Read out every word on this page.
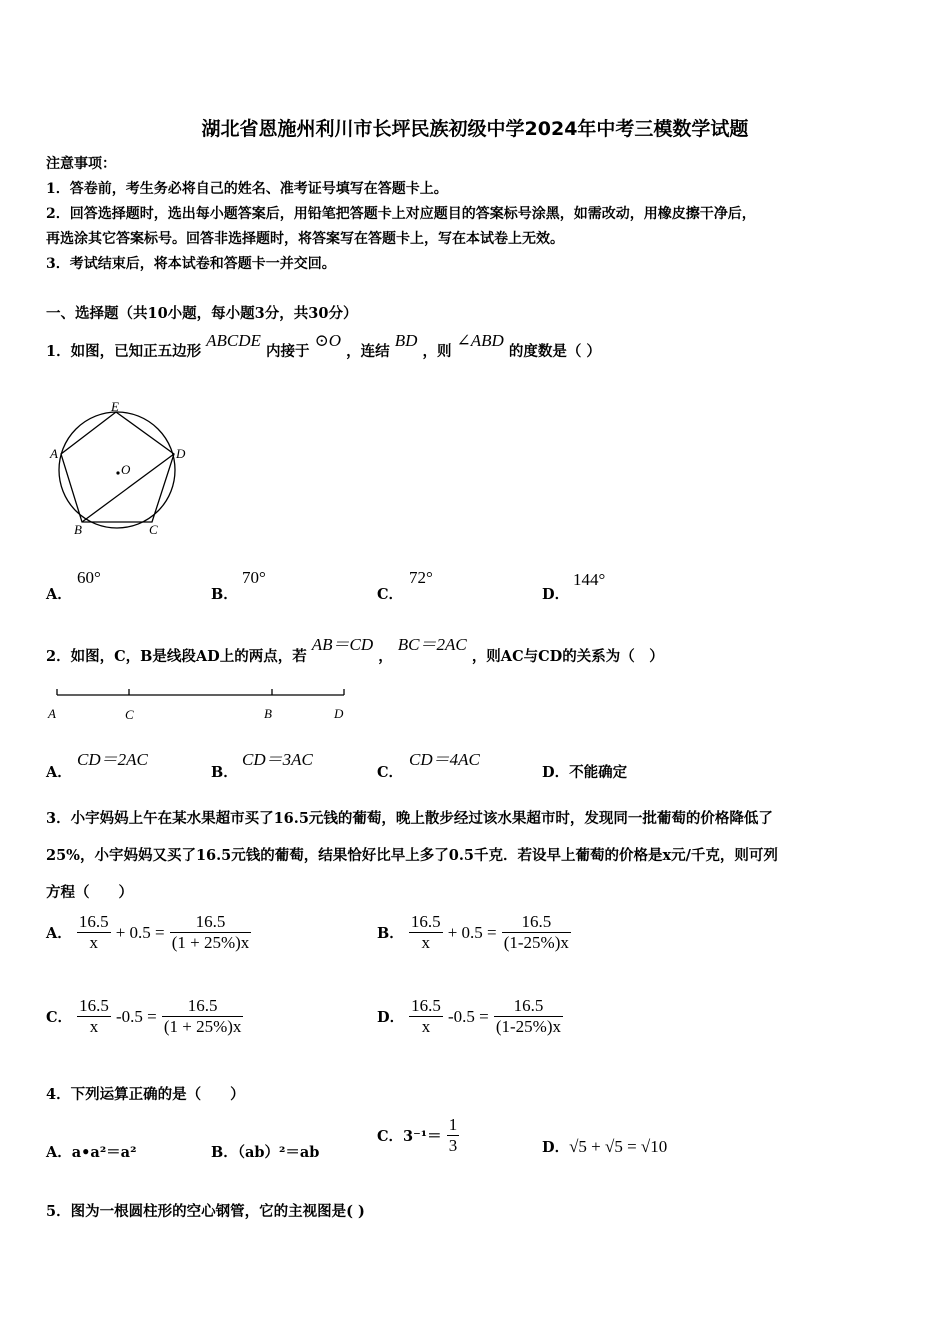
湖北省恩施州利川市长坪民族初级中学2024年中考三模数学试题
注意事项：
1．答卷前，考生务必将自己的姓名、准考证号填写在答题卡上。
2．回答选择题时，选出每小题答案后，用铅笔把答题卡上对应题目的答案标号涂黑，如需改动，用橡皮擦干净后，
再选涂其它答案标号。回答非选择题时，将答案写在答题卡上，写在本试卷上无效。
3．考试结束后，将本试卷和答题卡一并交回。
一、选择题（共10小题，每小题3分，共30分）
1．如图，已知正五边形 ABCDE 内接于 ⊙O ，连结 BD ，则 ∠ABD 的度数是（ ）
E
A	D
O
B	C
A．
60°
B．
70°
C．
72°
D．
144°
2．如图，C，B是线段AD上的两点，若 AB＝CD ， BC＝2AC ，则AC与CD的关系为（　）
A	C	B	D
A．
CD＝2AC
B．
CD＝3AC
C．
CD＝4AC
D．不能确定
3．小宇妈妈上午在某水果超市买了16.5元钱的葡萄，晚上散步经过该水果超市时，发现同一批葡萄的价格降低了
25%，小宇妈妈又买了16.5元钱的葡萄，结果恰好比早上多了0.5千克．若设早上葡萄的价格是x元/千克，则可列
方程（　　）
A． $\frac{16.5}{x} + 0.5 = \frac{16.5}{(1 + 25\%)x}$	B． $\frac{16.5}{x} + 0.5 = \frac{16.5}{(1-25\%)x}$
C． $\frac{16.5}{x} -0.5 = \frac{16.5}{(1 + 25\%)x}$	D． $\frac{16.5}{x} -0.5 = \frac{16.5}{(1-25\%)x}$
4．下列运算正确的是（　　）
A．a•a²＝a²	B．（ab）²＝ab
C．$3^{-1}= \frac{1}{3}$	D．√5 + √5 = √10
5．图为一根圆柱形的空心钢管，它的主视图是( )
